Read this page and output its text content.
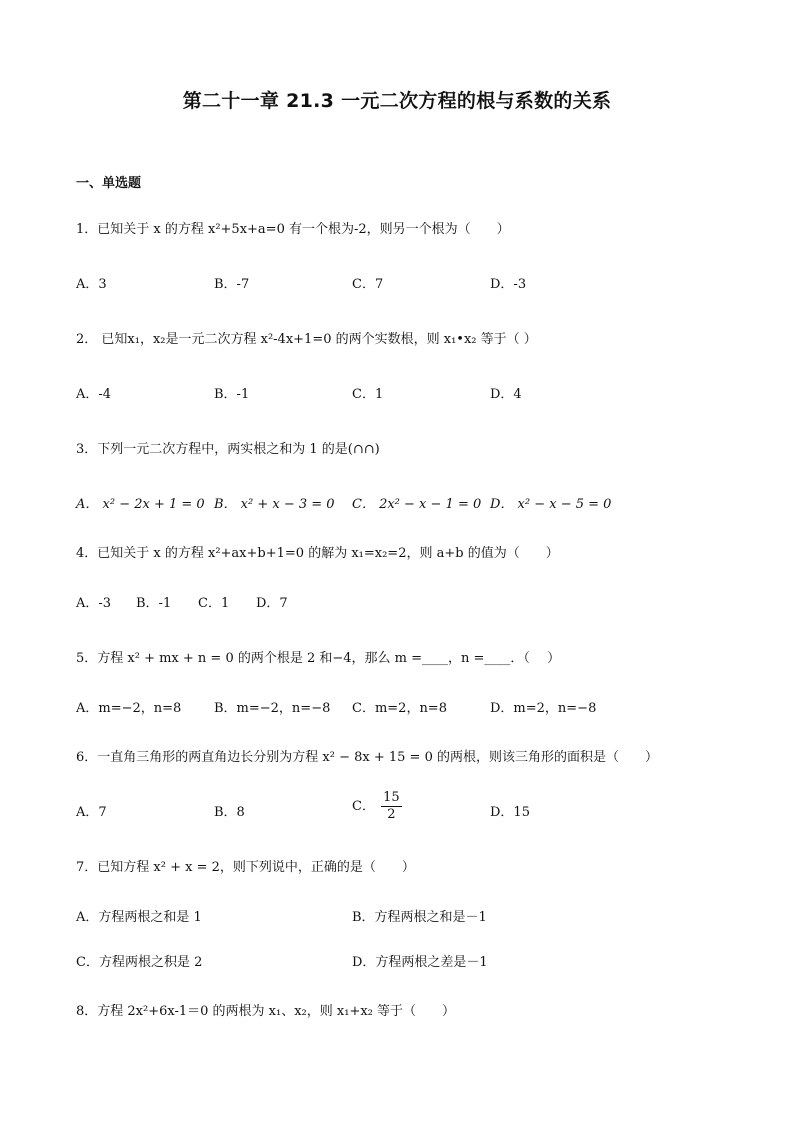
第二十一章 21.3 一元二次方程的根与系数的关系
一、单选题
1．已知关于 x 的方程 x²+5x+a=0 有一个根为-2，则另一个根为（　　）
A．3	B．-7	C．7	D．-3
2． 已知x₁，x₂是一元二次方程 x²-4x+1=0 的两个实数根，则 x₁•x₂ 等于（ ）
A．-4	B．-1	C．1	D．4
3．下列一元二次方程中，两实根之和为 1 的是(∩∩)
A． x² − 2x + 1 = 0 B． x² + x − 3 = 0 C． 2x² − x − 1 = 0 D． x² − x − 5 = 0
4．已知关于 x 的方程 x²+ax+b+1=0 的解为 x₁=x₂=2，则 a+b 的值为（　　）
A．-3 B．-1 C．1 D．7
5．方程 x² + mx + n = 0 的两个根是 2 和−4，那么 m =____，n =____．（　 ）
A．m=−2，n=8	B．m=−2，n=−8 C．m=2，n=8	D．m=2，n=−8
6．一直角三角形的两直角边长分别为方程 x² − 8x + 15 = 0 的两根，则该三角形的面积是（　　）
A．7	B．8	C． $\frac{15}{2}$	D．15
7．已知方程 x² + x = 2，则下列说中，正确的是（　　）
A．方程两根之和是 1	B．方程两根之和是－1
C．方程两根之积是 2	D．方程两根之差是－1
8．方程 2x²+6x-1＝0 的两根为 x₁、x₂，则 x₁+x₂ 等于（　　）
